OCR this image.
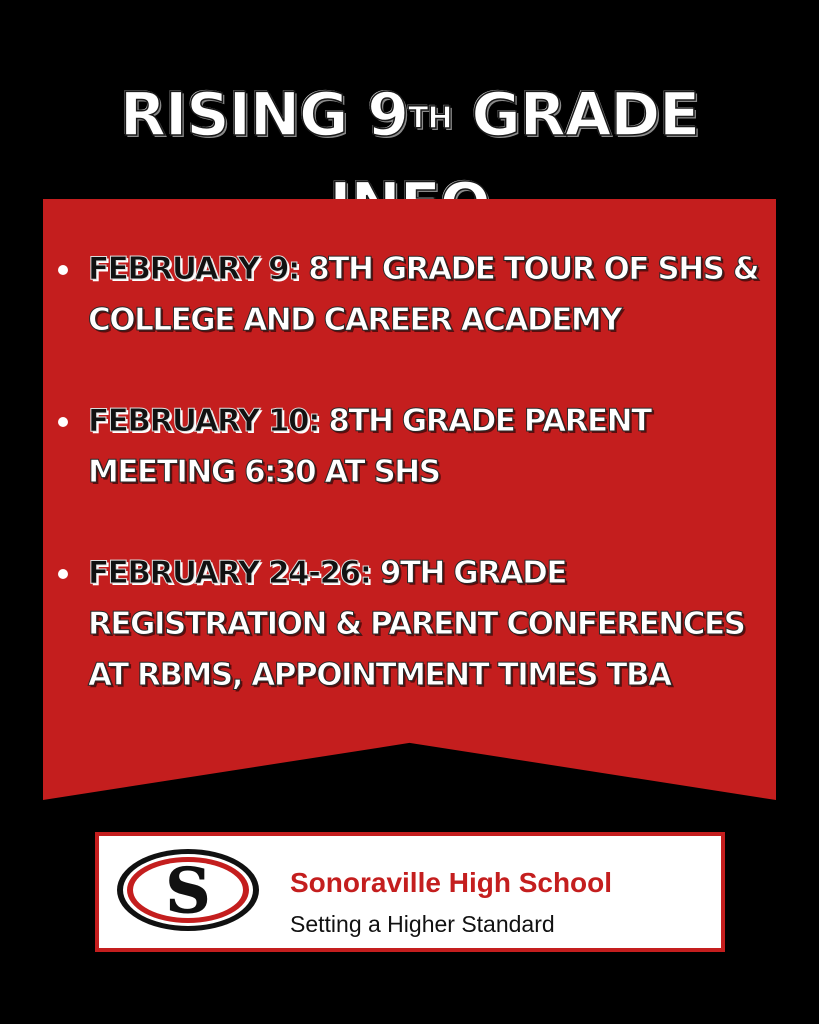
RISING 9TH GRADE

FEBRUARY 9: 8TH GRADE TOUR OF SHS & COLLEGE AND CAREER ACADEMY
FEBRUARY 10: 8TH GRADE PARENT MEETING 6:30 AT SHS
FEBRUARY 24-26: 9TH GRADE REGISTRATION & PARENT CONFERENCES AT RBMS, APPOINTMENT TIMES TBA
S	Sonoraville High School
Setting a Higher Standard
